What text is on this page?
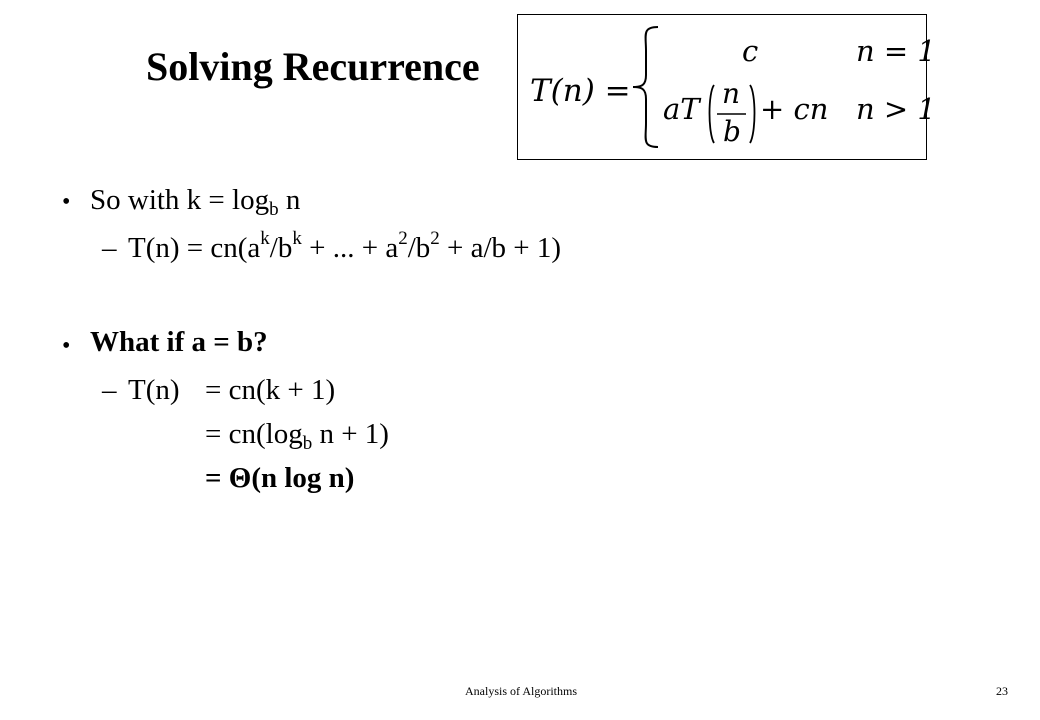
Solving Recurrence
T(n) =
c	n = 1
aT n
b
+ cn n > 1
• So with $k = \log_b n$
– $T(n) = cn(a^k/b^k$ + ... + $a^2/b^2 + a/b + 1$)
• What if a = b?
– T(n) = cn(k + 1)
= $cn(\log_b$ n + 1)
= Θ(n log n)
Analysis of Algorithms	23
